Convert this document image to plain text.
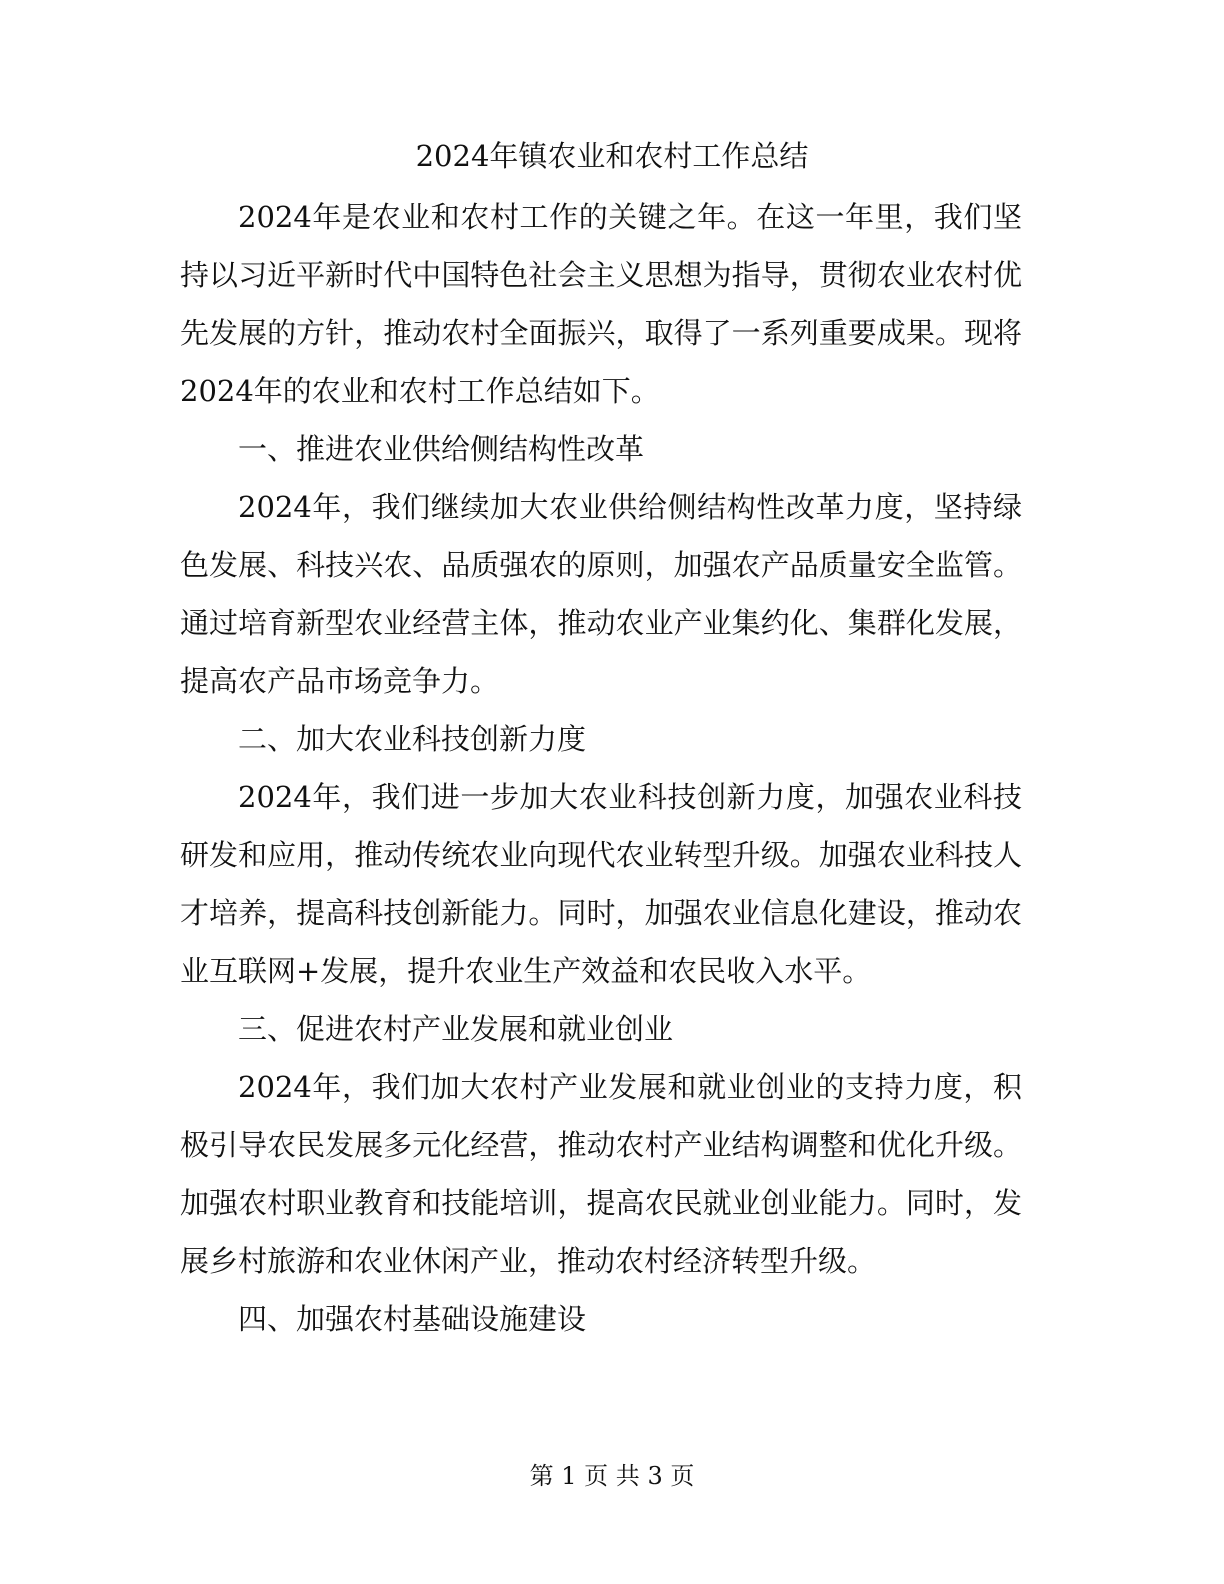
2024年镇农业和农村工作总结

2024年是农业和农村工作的关键之年。在这一年里，我们坚持以习近平新时代中国特色社会主义思想为指导，贯彻农业农村优先发展的方针，推动农村全面振兴，取得了一系列重要成果。现将2024年的农业和农村工作总结如下。

一、推进农业供给侧结构性改革

2024年，我们继续加大农业供给侧结构性改革力度，坚持绿色发展、科技兴农、品质强农的原则，加强农产品质量安全监管。通过培育新型农业经营主体，推动农业产业集约化、集群化发展，提高农产品市场竞争力。

二、加大农业科技创新力度

2024年，我们进一步加大农业科技创新力度，加强农业科技研发和应用，推动传统农业向现代农业转型升级。加强农业科技人才培养，提高科技创新能力。同时，加强农业信息化建设，推动农业互联网+发展，提升农业生产效益和农民收入水平。

三、促进农村产业发展和就业创业

2024年，我们加大农村产业发展和就业创业的支持力度，积极引导农民发展多元化经营，推动农村产业结构调整和优化升级。加强农村职业教育和技能培训，提高农民就业创业能力。同时，发展乡村旅游和农业休闲产业，推动农村经济转型升级。

四、加强农村基础设施建设
第 1 页 共 3 页
